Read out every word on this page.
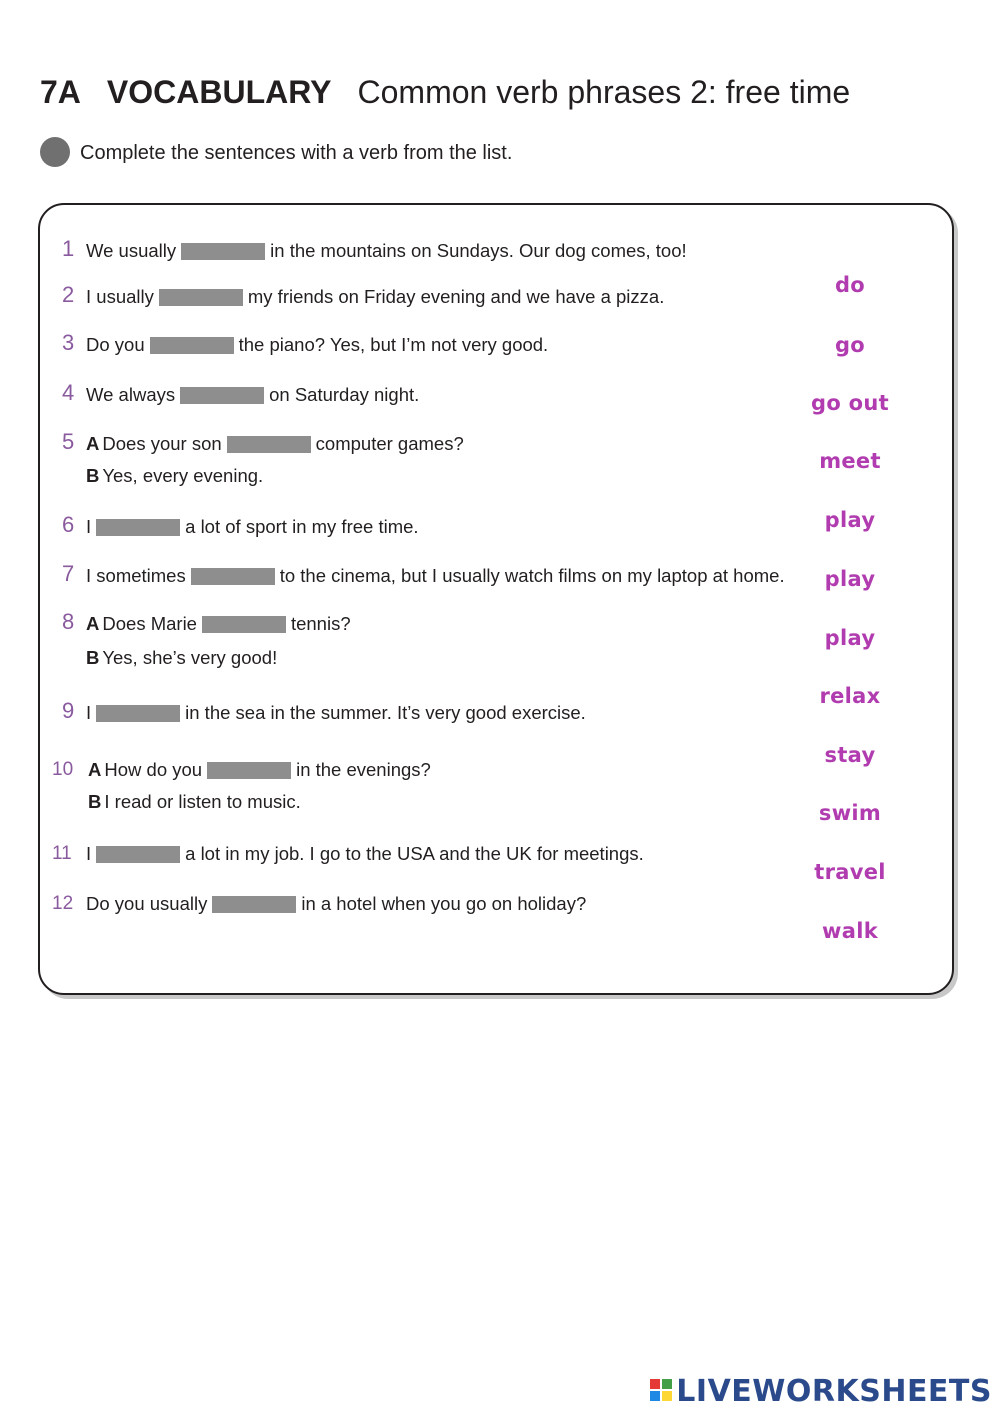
7A VOCABULARY Common verb phrases 2: free time
Complete the sentences with a verb from the list.
1 We usually	in the mountains on Sundays. Our dog comes, too!
2 I usually	my friends on Friday evening and we have a pizza.
3 Do you	the piano? Yes, but I’m not very good.
4 We always	on Saturday night.
5 A Does your son	computer games?
B Yes, every evening.
6 I	a lot of sport in my free time.
7 I sometimes	to the cinema, but I usually watch films on my laptop at home.
8 A Does Marie	tennis?
B Yes, she’s very good!
9 I	in the sea in the summer. It’s very good exercise.
10 A How do you	in the evenings?
B I read or listen to music.
11 I	a lot in my job. I go to the USA and the UK for meetings.
12 Do you usually	in a hotel when you go on holiday?
do
go
go out
meet
play
play
play
relax
stay
swim
travel
walk
LIVEWORKSHEETS
